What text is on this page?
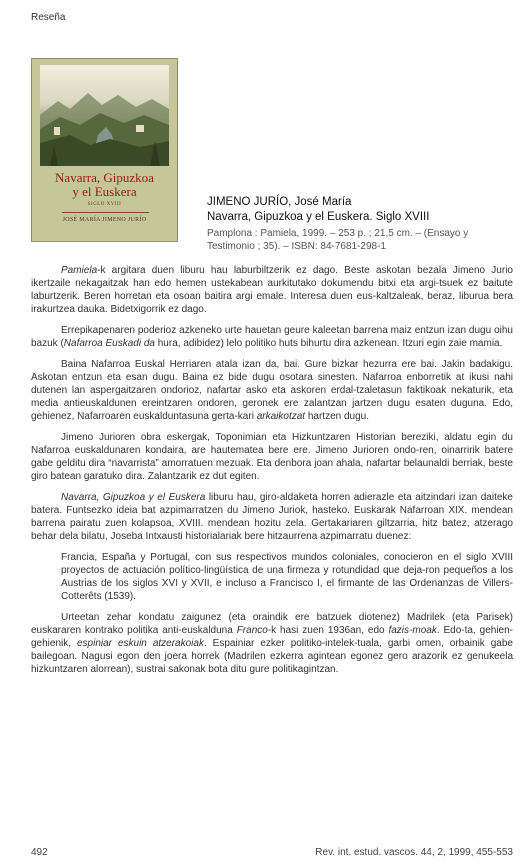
Reseña
Navarra, Gipuzkoa
y el Euskera
SIGLO XVIII
JOSÉ MARÍA JIMENO JURÍO
JIMENO JURÍO, José María
Navarra, Gipuzkoa y el Euskera. Siglo XVIII
Pamplona : Pamiela, 1999. – 253 p. ; 21,5 cm. – (Ensayo y Testimonio ; 35). – ISBN: 84-7681-298-1

Pamiela-k argitara duen liburu hau laburbiltzerik ez dago. Beste askotan bezala Jimeno Jurio ikertzaile nekagaitzak han edo hemen ustekabean aurkitutako dokumendu bitxi eta argi-tsuek ez baitute laburtzerik. Beren horretan eta osoan baitira argi emale. Interesa duen eus-kaltzaleak, beraz, liburua bera irakurtzea dauka. Bidetxigorrik ez dago.

Errepikapenaren poderioz azkeneko urte hauetan geure kaleetan barrena maiz entzun izan dugu oihu bazuk (Nafarroa Euskadi da hura, adibidez) lelo politiko huts bihurtu dira azkenean. Itzuri egin zaie mamia.

Baina Nafarroa Euskal Herriaren atala izan da, bai. Gure bizkar hezurra ere bai. Jakin badakigu. Askotan entzun eta esan dugu. Baina ez bide dugu osotara sinesten. Nafarroa enborretik at ikusi nahi dutenen lan aspergaitzaren ondorioz, nafartar asko eta askoren erdal-tzaletasun faktikoak nekaturik, eta media antieuskaldunen ereintzaren ondoren, geronek ere zalantzan jartzen dugu esaten duguna. Edo, gehienez, Nafarroaren euskalduntasuna gerta-kari arkaikotzat hartzen dugu.

Jimeno Jurioren obra eskergak, Toponimian eta Hizkuntzaren Historian bereziki, aldatu egin du Nafarroa euskaldunaren kondaira, are hautematea bere ere. Jimeno Jurioren ondo-ren, oinarririk batere gabe gelditu dira “navarrista” amorratuen mezuak. Eta denbora joan ahala, nafartar belaunaldi berriak, beste giro batean garatuko dira. Zalantzarik ez dut egiten.

Navarra, Gipuzkoa y el Euskera liburu hau, giro-aldaketa horren adierazle eta aitzindari izan daiteke batera. Funtsezko ideia bat azpimarratzen du Jimeno Juriok, hasteko. Euskarak Nafarroan XIX. mendean barrena pairatu zuen kolapsoa, XVIII. mendean hozitu zela. Gertakariaren giltzarria, hitz batez, atzerago behar dela bilatu, Joseba Intxausti historialariak bere hitzaurrena azpimarratu duenez:

Francia, España y Portugal, con sus respectivos mundos coloniales, conocieron en el siglo XVIII proyectos de actuación político-lingüística de una firmeza y rotundidad que deja-ron pequeños a los Austrias de los siglos XVI y XVII, e incluso a Francisco I, el firmante de las Ordenanzas de Villers-Cotterêts (1539).

Urteetan zehar kondatu zaigunez (eta oraindik ere batzuek diotenez) Madrilek (eta Parisek) euskararen kontrako politika anti-euskalduna Franco-k hasi zuen 1936an, edo fazis-moak. Edo-ta, gehien-gehienik, espiniar eskuin atzerakoiak. Espainiar ezker politiko-intelek-tuala, garbi omen, orbainik gabe bailegoan. Nagusi egon den joera horrek (Madrilen ezkerra agintean egonez gero arazorik ez genukeela hizkuntzaren alorrean), sustrai sakonak bota ditu gure politikagintzan.

492	Rev. int. estud. vascos. 44, 2, 1999, 455-553
